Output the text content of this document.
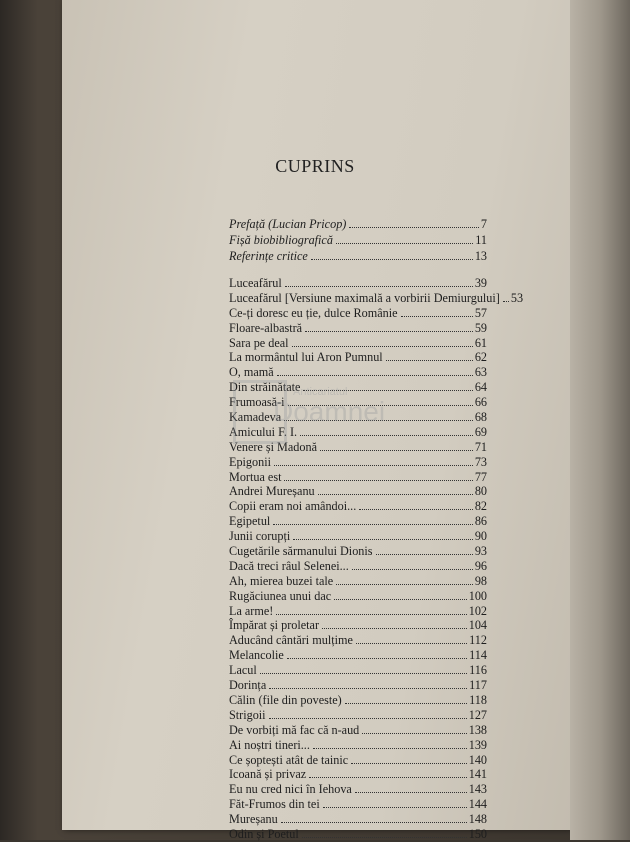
CUPRINS
Prefață (Lucian Pricop)	7
Fișă biobibliografică	11
Referințe critice	13
Luceafărul	39
Luceafărul [Versiune maximală a vorbirii Demiurgului] 53
Ce-ți doresc eu ție, dulce Românie	57
Floare-albastră	59
Sara pe deal	61
La mormântul lui Aron Pumnul	62
O, mamă	63
Din străinătate	64
Frumoasă-i	66
Kamadeva	68
Amicului F. I.	69
Venere și Madonă	71
Epigonii	73
Mortua est	77
Andrei Mureșanu	80
Copii eram noi amândoi...	82
Egipetul	86
Junii corupți	90
Cugetările sărmanului Dionis	93
Dacă treci râul Selenei...	96
Ah, mierea buzei tale	98
Rugăciunea unui dac	100
La arme!	102
Împărat și proletar	104
Aducând cântări mulțime	112
Melancolie	114
Lacul	116
Dorința	117
Călin (file din poveste)	118
Strigoii	127
De vorbiți mă fac că n-aud	138
Ai noștri tineri...	139
Ce șoptești atât de tainic	140
Icoană și privaz	141
Eu nu cred nici în Iehova	143
Făt-Frumos din tei	144
Mureșanu	148
Odin și Poetul	150
Anticariatul
Doamnei
